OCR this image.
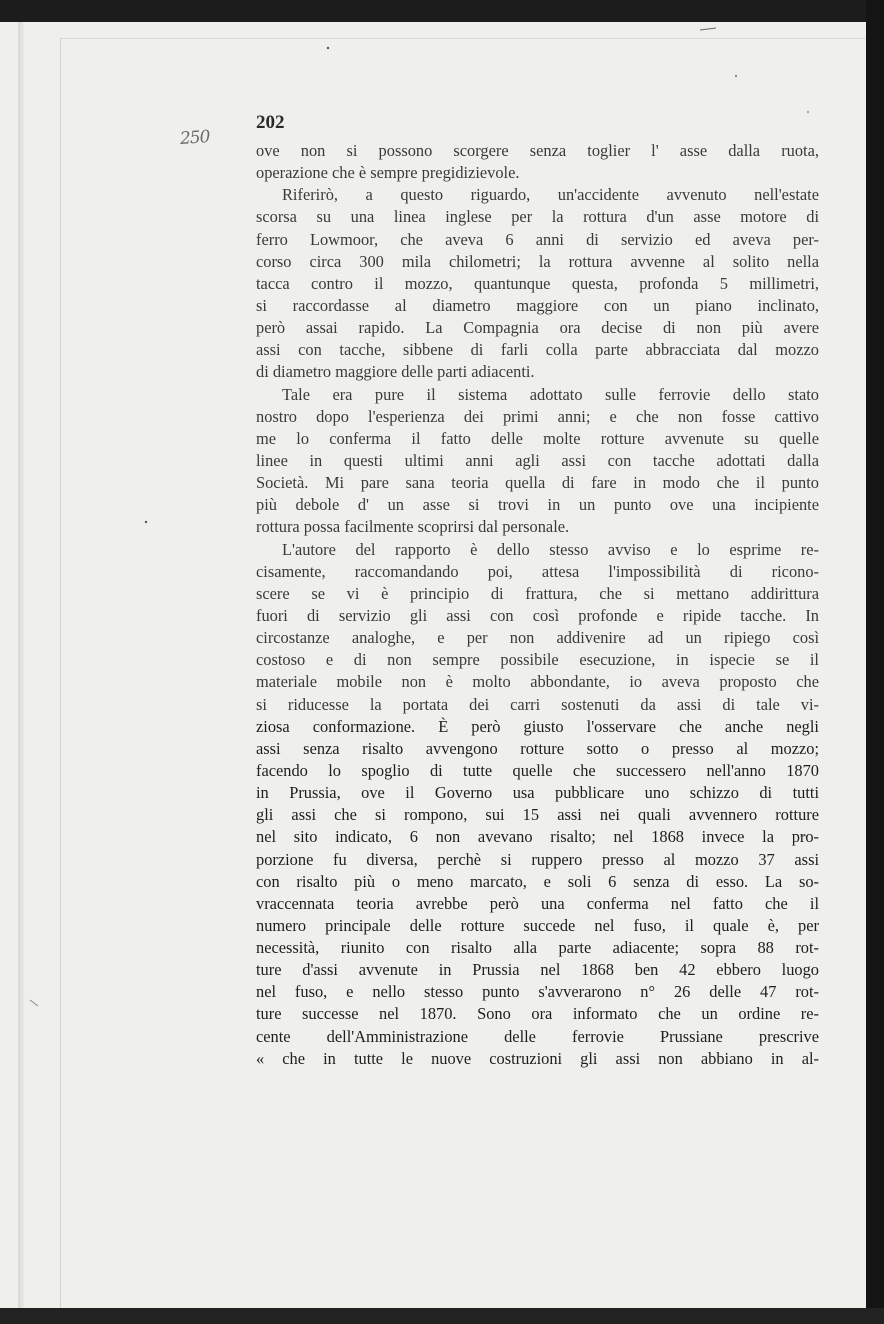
250
202
ove non si possono scorgere senza toglier l' asse dalla ruota,
operazione che è sempre pregidizievole.
Riferirò, a questo riguardo, un'accidente avvenuto nell'estate
scorsa su una linea inglese per la rottura d'un asse motore di
ferro Lowmoor, che aveva 6 anni di servizio ed aveva per-
corso circa 300 mila chilometri; la rottura avvenne al solito nella
tacca contro il mozzo, quantunque questa, profonda 5 millimetri,
si raccordasse al diametro maggiore con un piano inclinato,
però assai rapido. La Compagnia ora decise di non più avere
assi con tacche, sibbene di farli colla parte abbracciata dal mozzo
di diametro maggiore delle parti adiacenti.
Tale era pure il sistema adottato sulle ferrovie dello stato
nostro dopo l'esperienza dei primi anni; e che non fosse cattivo
me lo conferma il fatto delle molte rotture avvenute su quelle
linee in questi ultimi anni agli assi con tacche adottati dalla
Società. Mi pare sana teoria quella di fare in modo che il punto
più debole d' un asse si trovi in un punto ove una incipiente
rottura possa facilmente scoprirsi dal personale.
L'autore del rapporto è dello stesso avviso e lo esprime re-
cisamente, raccomandando poi, attesa l'impossibilità di ricono-
scere se vi è principio di frattura, che si mettano addirittura
fuori di servizio gli assi con così profonde e ripide tacche. In
circostanze analoghe, e per non addivenire ad un ripiego così
costoso e di non sempre possibile esecuzione, in ispecie se il
materiale mobile non è molto abbondante, io aveva proposto che
si riducesse la portata dei carri sostenuti da assi di tale vi-
ziosa conformazione. È però giusto l'osservare che anche negli
assi senza risalto avvengono rotture sotto o presso al mozzo;
facendo lo spoglio di tutte quelle che successero nell'anno 1870
in Prussia, ove il Governo usa pubblicare uno schizzo di tutti
gli assi che si rompono, sui 15 assi nei quali avvennero rotture
nel sito indicato, 6 non avevano risalto; nel 1868 invece la pro-
porzione fu diversa, perchè si ruppero presso al mozzo 37 assi
con risalto più o meno marcato, e soli 6 senza di esso. La so-
vraccennata teoria avrebbe però una conferma nel fatto che il
numero principale delle rotture succede nel fuso, il quale è, per
necessità, riunito con risalto alla parte adiacente; sopra 88 rot-
ture d'assi avvenute in Prussia nel 1868 ben 42 ebbero luogo
nel fuso, e nello stesso punto s'avverarono n° 26 delle 47 rot-
ture successe nel 1870. Sono ora informato che un ordine re-
cente dell'Amministrazione delle ferrovie Prussiane prescrive
« che in tutte le nuove costruzioni gli assi non abbiano in al-
